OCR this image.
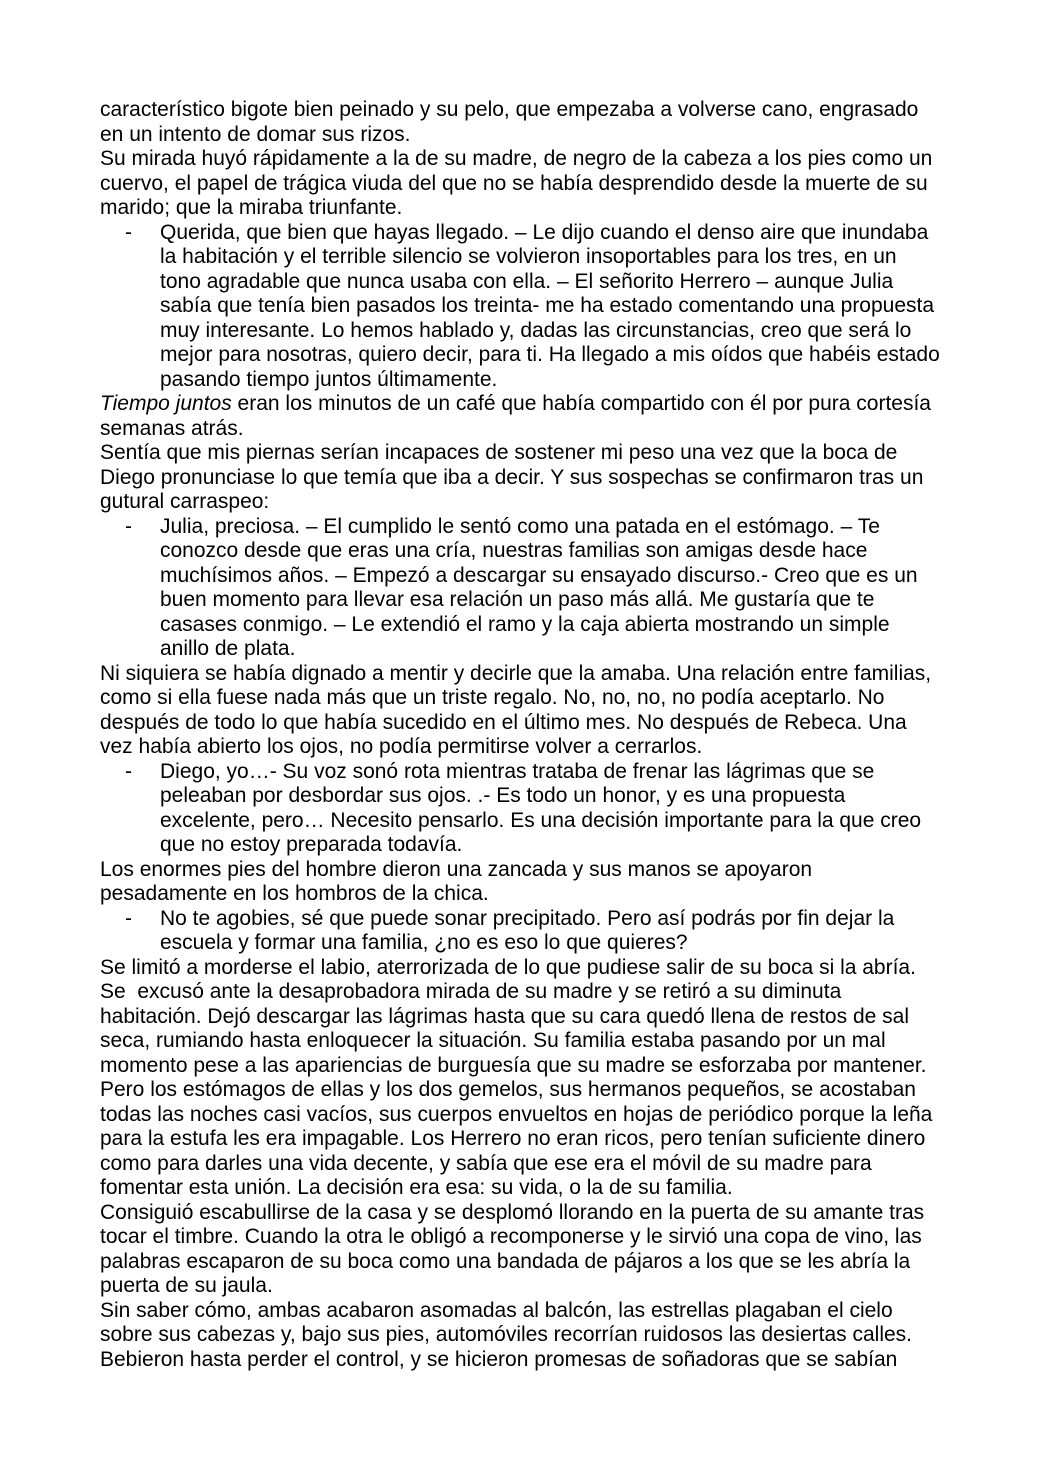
característico bigote bien peinado y su pelo, que empezaba a volverse cano, engrasado en un intento de domar sus rizos.
Su mirada huyó rápidamente a la de su madre, de negro de la cabeza a los pies como un cuervo, el papel de trágica viuda del que no se había desprendido desde la muerte de su marido; que la miraba triunfante.
- Querida, que bien que hayas llegado. – Le dijo cuando el denso aire que inundaba la habitación y el terrible silencio se volvieron insoportables para los tres, en un tono agradable que nunca usaba con ella. – El señorito Herrero – aunque Julia sabía que tenía bien pasados los treinta- me ha estado comentando una propuesta muy interesante. Lo hemos hablado y, dadas las circunstancias, creo que será lo mejor para nosotras, quiero decir, para ti. Ha llegado a mis oídos que habéis estado pasando tiempo juntos últimamente.
Tiempo juntos eran los minutos de un café que había compartido con él por pura cortesía semanas atrás.
Sentía que mis piernas serían incapaces de sostener mi peso una vez que la boca de Diego pronunciase lo que temía que iba a decir. Y sus sospechas se confirmaron tras un gutural carraspeo:
- Julia, preciosa. – El cumplido le sentó como una patada en el estómago. – Te conozco desde que eras una cría, nuestras familias son amigas desde hace muchísimos años. – Empezó a descargar su ensayado discurso.- Creo que es un buen momento para llevar esa relación un paso más allá. Me gustaría que te casases conmigo. – Le extendió el ramo y la caja abierta mostrando un simple anillo de plata.
Ni siquiera se había dignado a mentir y decirle que la amaba. Una relación entre familias, como si ella fuese nada más que un triste regalo. No, no, no, no podía aceptarlo. No después de todo lo que había sucedido en el último mes. No después de Rebeca. Una vez había abierto los ojos, no podía permitirse volver a cerrarlos.
- Diego, yo…- Su voz sonó rota mientras trataba de frenar las lágrimas que se peleaban por desbordar sus ojos. .- Es todo un honor, y es una propuesta excelente, pero… Necesito pensarlo. Es una decisión importante para la que creo que no estoy preparada todavía.
Los enormes pies del hombre dieron una zancada y sus manos se apoyaron pesadamente en los hombros de la chica.
- No te agobies, sé que puede sonar precipitado. Pero así podrás por fin dejar la escuela y formar una familia, ¿no es eso lo que quieres?
Se limitó a morderse el labio, aterrorizada de lo que pudiese salir de su boca si la abría. Se  excusó ante la desaprobadora mirada de su madre y se retiró a su diminuta habitación. Dejó descargar las lágrimas hasta que su cara quedó llena de restos de sal seca, rumiando hasta enloquecer la situación. Su familia estaba pasando por un mal momento pese a las apariencias de burguesía que su madre se esforzaba por mantener. Pero los estómagos de ellas y los dos gemelos, sus hermanos pequeños, se acostaban todas las noches casi vacíos, sus cuerpos envueltos en hojas de periódico porque la leña para la estufa les era impagable. Los Herrero no eran ricos, pero tenían suficiente dinero como para darles una vida decente, y sabía que ese era el móvil de su madre para fomentar esta unión. La decisión era esa: su vida, o la de su familia.
Consiguió escabullirse de la casa y se desplomó llorando en la puerta de su amante tras tocar el timbre. Cuando la otra le obligó a recomponerse y le sirvió una copa de vino, las palabras escaparon de su boca como una bandada de pájaros a los que se les abría la puerta de su jaula.
Sin saber cómo, ambas acabaron asomadas al balcón, las estrellas plagaban el cielo sobre sus cabezas y, bajo sus pies, automóviles recorrían ruidosos las desiertas calles. Bebieron hasta perder el control, y se hicieron promesas de soñadoras que se sabían
